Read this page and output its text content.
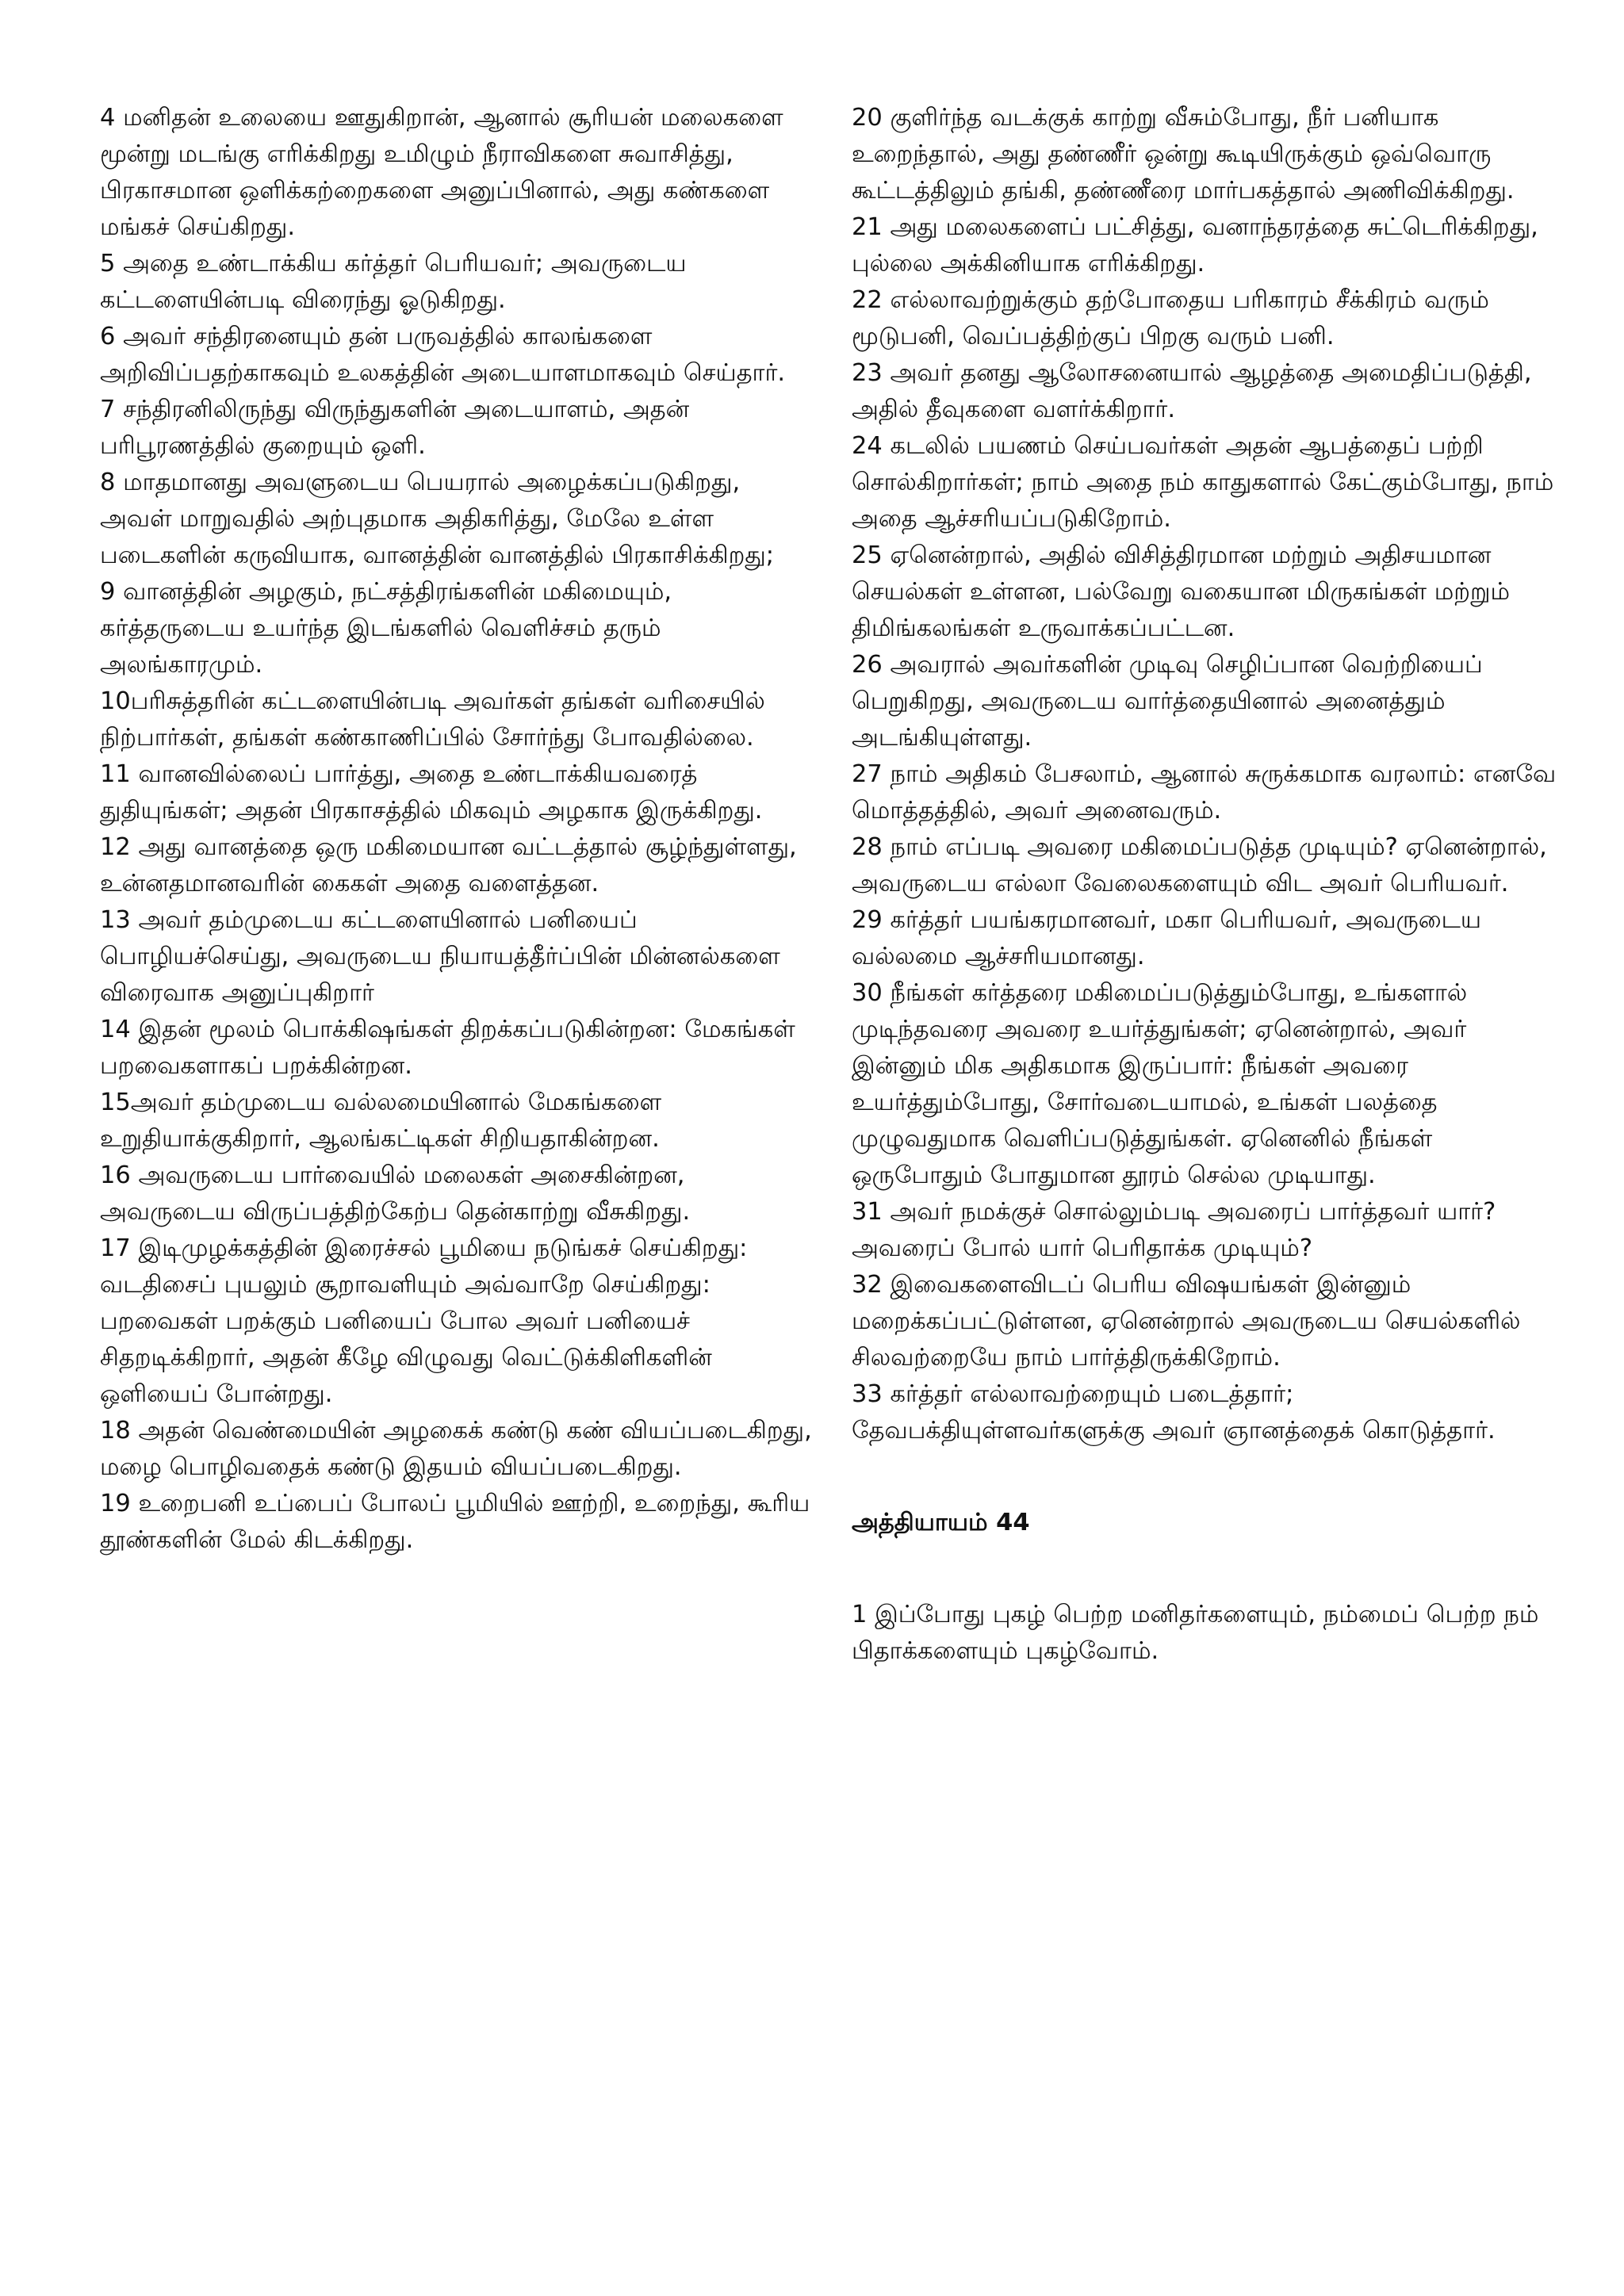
4 மனிதன் உலையை ஊதுகிறான், ஆனால் சூரியன் மலைகளை மூன்று மடங்கு எரிக்கிறது உமிழும் நீராவிகளை சுவாசித்து, பிரகாசமான ஒளிக்கற்றைகளை அனுப்பினால், அது கண்களை மங்கச் செய்கிறது.

5 அதை உண்டாக்கிய கர்த்தர் பெரியவர்; அவருடைய கட்டளையின்படி விரைந்து ஓடுகிறது.

6 அவர் சந்திரனையும் தன் பருவத்தில் காலங்களை அறிவிப்பதற்காகவும் உலகத்தின் அடையாளமாகவும் செய்தார்.

7 சந்திரனிலிருந்து விருந்துகளின் அடையாளம், அதன் பரிபூரணத்தில் குறையும் ஒளி.

8 மாதமானது அவளுடைய பெயரால் அழைக்கப்படுகிறது, அவள் மாறுவதில் அற்புதமாக அதிகரித்து, மேலே உள்ள படைகளின் கருவியாக, வானத்தின் வானத்தில் பிரகாசிக்கிறது;

9 வானத்தின் அழகும், நட்சத்திரங்களின் மகிமையும், கர்த்தருடைய உயர்ந்த இடங்களில் வெளிச்சம் தரும் அலங்காரமும்.

10பரிசுத்தரின் கட்டளையின்படி அவர்கள் தங்கள் வரிசையில் நிற்பார்கள், தங்கள் கண்காணிப்பில் சோர்ந்து போவதில்லை.

11 வானவில்லைப் பார்த்து, அதை உண்டாக்கியவரைத் துதியுங்கள்; அதன் பிரகாசத்தில் மிகவும் அழகாக இருக்கிறது.

12 அது வானத்தை ஒரு மகிமையான வட்டத்தால் சூழ்ந்துள்ளது, உன்னதமானவரின் கைகள் அதை வளைத்தன.

13 அவர் தம்முடைய கட்டளையினால் பனியைப் பொழியச்செய்து, அவருடைய நியாயத்தீர்ப்பின் மின்னல்களை விரைவாக அனுப்புகிறார்

14 இதன் மூலம் பொக்கிஷங்கள் திறக்கப்படுகின்றன: மேகங்கள் பறவைகளாகப் பறக்கின்றன.

15அவர் தம்முடைய வல்லமையினால் மேகங்களை உறுதியாக்குகிறார், ஆலங்கட்டிகள் சிறியதாகின்றன.

16 அவருடைய பார்வையில் மலைகள் அசைகின்றன, அவருடைய விருப்பத்திற்கேற்ப தென்காற்று வீசுகிறது.

17 இடிமுழக்கத்தின் இரைச்சல் பூமியை நடுங்கச் செய்கிறது: வடதிசைப் புயலும் சூறாவளியும் அவ்வாறே செய்கிறது: பறவைகள் பறக்கும் பனியைப் போல அவர் பனியைச் சிதறடிக்கிறார், அதன் கீழே விழுவது வெட்டுக்கிளிகளின் ஒளியைப் போன்றது.

18 அதன் வெண்மையின் அழகைக் கண்டு கண் வியப்படைகிறது, மழை பொழிவதைக் கண்டு இதயம் வியப்படைகிறது.

19 உறைபனி உப்பைப் போலப் பூமியில் ஊற்றி, உறைந்து, கூரிய தூண்களின் மேல் கிடக்கிறது.

20 குளிர்ந்த வடக்குக் காற்று வீசும்போது, நீர் பனியாக உறைந்தால், அது தண்ணீர் ஒன்று கூடியிருக்கும் ஒவ்வொரு கூட்டத்திலும் தங்கி, தண்ணீரை மார்பகத்தால் அணிவிக்கிறது.

21 அது மலைகளைப் பட்சித்து, வனாந்தரத்தை சுட்டெரிக்கிறது, புல்லை அக்கினியாக எரிக்கிறது.

22 எல்லாவற்றுக்கும் தற்போதைய பரிகாரம் சீக்கிரம் வரும் மூடுபனி, வெப்பத்திற்குப் பிறகு வரும் பனி.

23 அவர் தனது ஆலோசனையால் ஆழத்தை அமைதிப்படுத்தி, அதில் தீவுகளை வளர்க்கிறார்.

24 கடலில் பயணம் செய்பவர்கள் அதன் ஆபத்தைப் பற்றி சொல்கிறார்கள்; நாம் அதை நம் காதுகளால் கேட்கும்போது, நாம் அதை ஆச்சரியப்படுகிறோம்.

25 ஏனென்றால், அதில் விசித்திரமான மற்றும் அதிசயமான செயல்கள் உள்ளன, பல்வேறு வகையான மிருகங்கள் மற்றும் திமிங்கலங்கள் உருவாக்கப்பட்டன.

26 அவரால் அவர்களின் முடிவு செழிப்பான வெற்றியைப் பெறுகிறது, அவருடைய வார்த்தையினால் அனைத்தும் அடங்கியுள்ளது.

27 நாம் அதிகம் பேசலாம், ஆனால் சுருக்கமாக வரலாம்: எனவே மொத்தத்தில், அவர் அனைவரும்.

28 நாம் எப்படி அவரை மகிமைப்படுத்த முடியும்? ஏனென்றால், அவருடைய எல்லா வேலைகளையும் விட அவர் பெரியவர்.

29 கர்த்தர் பயங்கரமானவர், மகா பெரியவர், அவருடைய வல்லமை ஆச்சரியமானது.

30 நீங்கள் கர்த்தரை மகிமைப்படுத்தும்போது, உங்களால் முடிந்தவரை அவரை உயர்த்துங்கள்; ஏனென்றால், அவர் இன்னும் மிக அதிகமாக இருப்பார்: நீங்கள் அவரை உயர்த்தும்போது, சோர்வடையாமல், உங்கள் பலத்தை முழுவதுமாக வெளிப்படுத்துங்கள். ஏனெனில் நீங்கள் ஒருபோதும் போதுமான தூரம் செல்ல முடியாது.

31 அவர் நமக்குச் சொல்லும்படி அவரைப் பார்த்தவர் யார்? அவரைப் போல் யார் பெரிதாக்க முடியும்?

32 இவைகளைவிடப் பெரிய விஷயங்கள் இன்னும் மறைக்கப்பட்டுள்ளன, ஏனென்றால் அவருடைய செயல்களில் சிலவற்றையே நாம் பார்த்திருக்கிறோம்.

33 கர்த்தர் எல்லாவற்றையும் படைத்தார்; தேவபக்தியுள்ளவர்களுக்கு அவர் ஞானத்தைக் கொடுத்தார்.

அத்தியாயம் 44

1 இப்போது புகழ் பெற்ற மனிதர்களையும், நம்மைப் பெற்ற நம் பிதாக்களையும் புகழ்வோம்.
